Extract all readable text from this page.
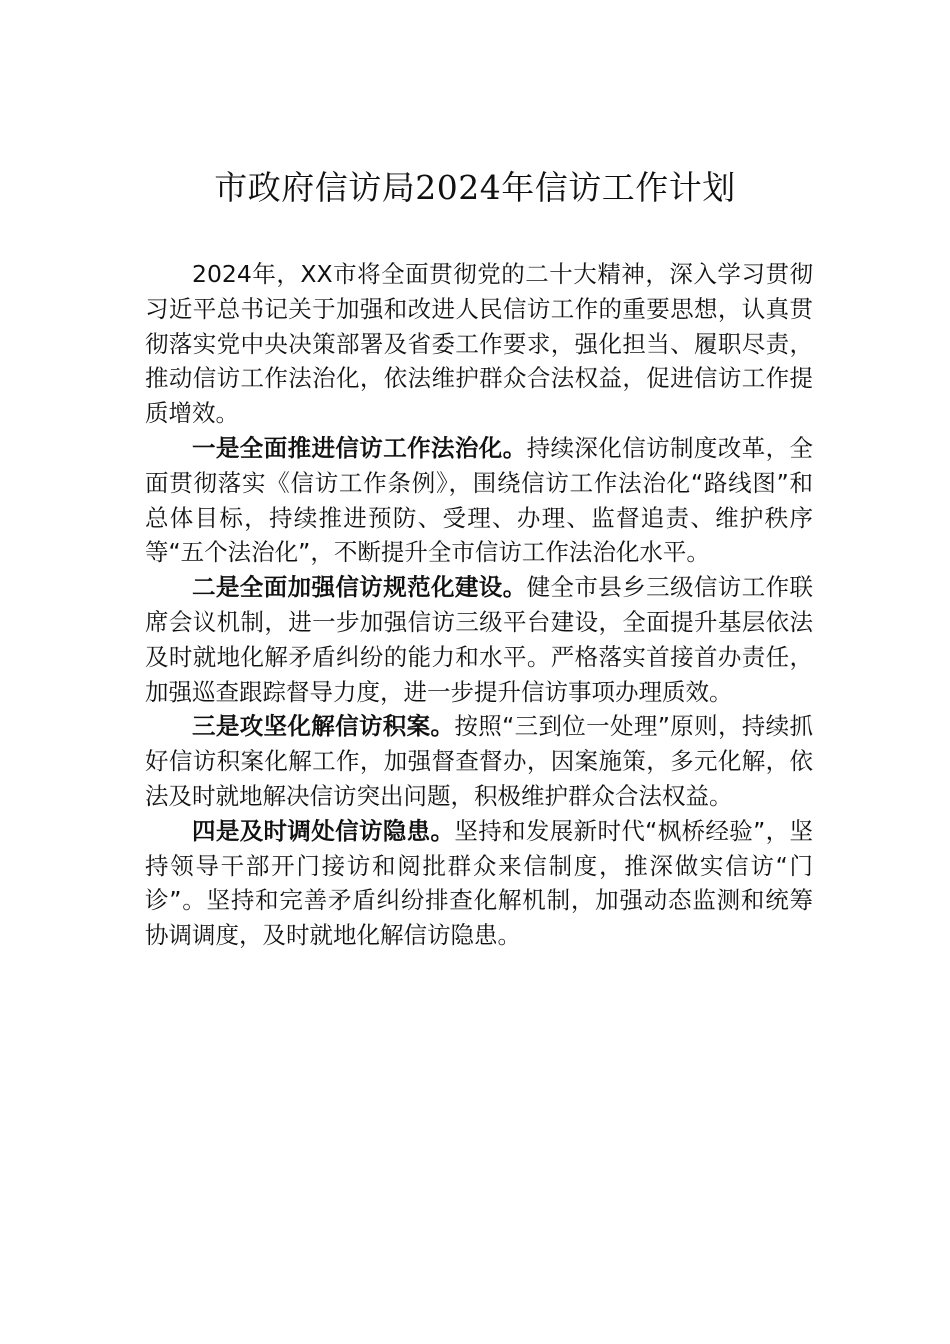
市政府信访局2024年信访工作计划

2024年，XX市将全面贯彻党的二十大精神，深入学习贯彻习近平总书记关于加强和改进人民信访工作的重要思想，认真贯彻落实党中央决策部署及省委工作要求，强化担当、履职尽责，推动信访工作法治化，依法维护群众合法权益，促进信访工作提质增效。

一是全面推进信访工作法治化。持续深化信访制度改革，全面贯彻落实《信访工作条例》，围绕信访工作法治化“路线图”和总体目标，持续推进预防、受理、办理、监督追责、维护秩序等“五个法治化”，不断提升全市信访工作法治化水平。

二是全面加强信访规范化建设。健全市县乡三级信访工作联席会议机制，进一步加强信访三级平台建设，全面提升基层依法及时就地化解矛盾纠纷的能力和水平。严格落实首接首办责任，加强巡查跟踪督导力度，进一步提升信访事项办理质效。

三是攻坚化解信访积案。按照“三到位一处理”原则，持续抓好信访积案化解工作，加强督查督办，因案施策，多元化解，依法及时就地解决信访突出问题，积极维护群众合法权益。

四是及时调处信访隐患。坚持和发展新时代“枫桥经验”，坚持领导干部开门接访和阅批群众来信制度，推深做实信访“门诊”。坚持和完善矛盾纠纷排查化解机制，加强动态监测和统筹协调调度，及时就地化解信访隐患。
